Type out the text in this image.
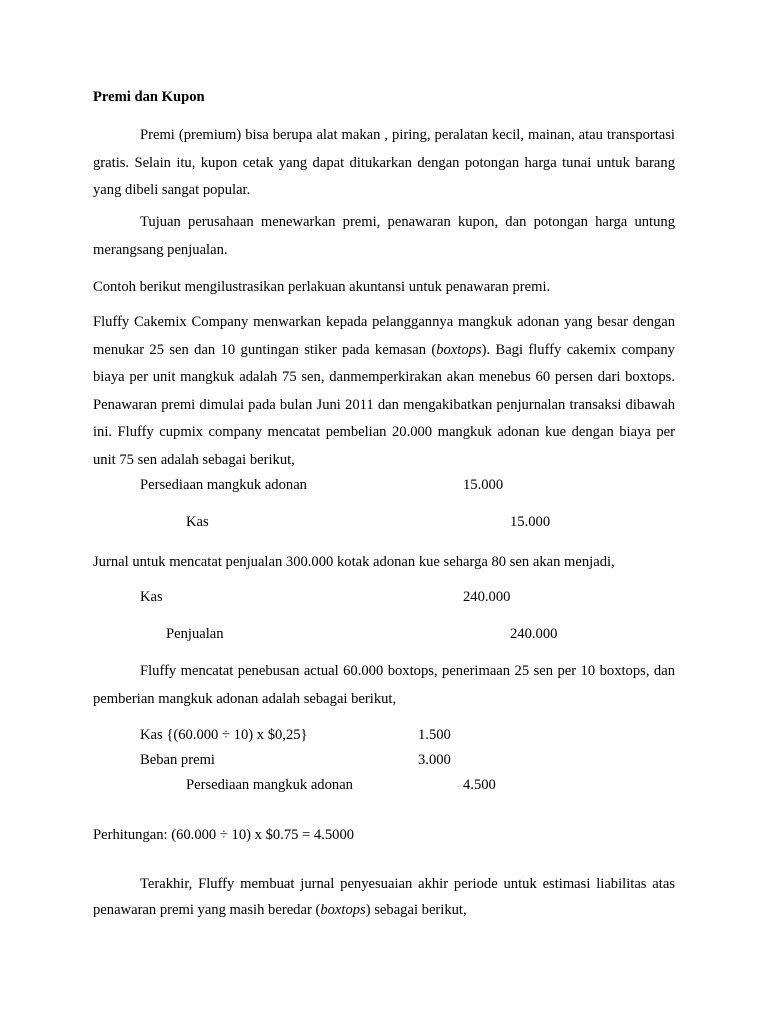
Premi dan Kupon

Premi (premium) bisa berupa alat makan , piring, peralatan kecil, mainan, atau transportasi gratis. Selain itu, kupon cetak yang dapat ditukarkan dengan potongan harga tunai untuk barang yang dibeli sangat popular.

Tujuan perusahaan menewarkan premi, penawaran kupon, dan potongan harga untung merangsang penjualan.

Contoh berikut mengilustrasikan perlakuan akuntansi untuk penawaran premi.

Fluffy Cakemix Company menwarkan kepada pelanggannya mangkuk adonan yang besar dengan menukar 25 sen dan 10 guntingan stiker pada kemasan (boxtops). Bagi fluffy cakemix company biaya per unit mangkuk adalah 75 sen, danmemperkirakan akan menebus 60 persen dari boxtops. Penawaran premi dimulai pada bulan Juni 2011 dan mengakibatkan penjurnalan transaksi dibawah ini. Fluffy cupmix company mencatat pembelian 20.000 mangkuk adonan kue dengan biaya per unit 75 sen adalah sebagai berikut,

Persediaan mangkuk adonan	15.000

Kas	15.000

Jurnal untuk mencatat penjualan 300.000 kotak adonan kue seharga 80 sen akan menjadi,

Kas	240.000

Penjualan	240.000

Fluffy mencatat penebusan actual 60.000 boxtops, penerimaan 25 sen per 10 boxtops, dan pemberian mangkuk adonan adalah sebagai berikut,

Kas {(60.000 ÷ 10) x $0,25}	1.500

Beban premi	3.000

Persediaan mangkuk adonan	4.500

Perhitungan: (60.000 ÷ 10) x $0.75 = 4.5000

Terakhir, Fluffy membuat jurnal penyesuaian akhir periode untuk estimasi liabilitas atas penawaran premi yang masih beredar (boxtops) sebagai berikut,
